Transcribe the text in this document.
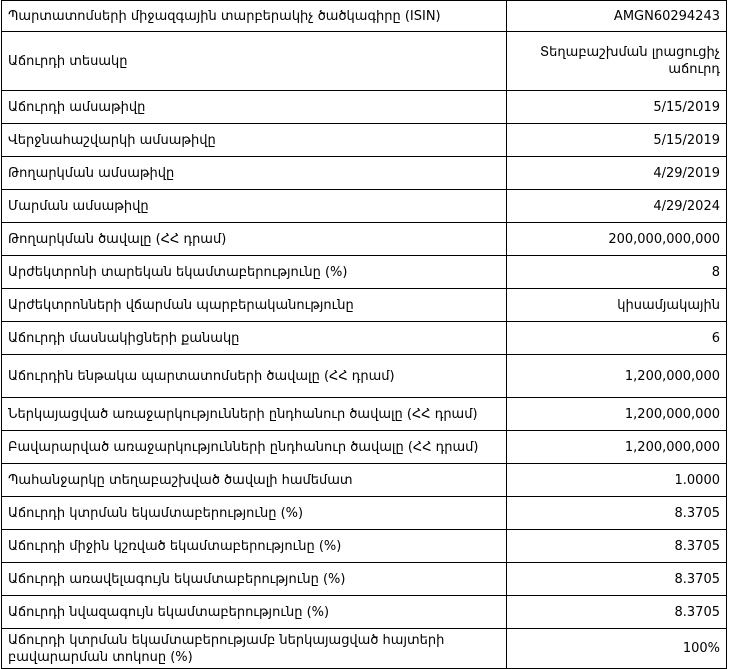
Պարտատոմսերի միջազգային տարբերակիչ ծածկագիրը (ISIN)	AMGN60294243
Աճուրդի տեսակը	Տեղաբաշխման լրացուցիչ աճուրդ
Աճուրդի ամսաթիվը	5/15/2019
Վերջնահաշվարկի ամսաթիվը	5/15/2019
Թողարկման ամսաթիվը	4/29/2019
Մարման ամսաթիվը	4/29/2024
Թողարկման ծավալը (ՀՀ դրամ)	200,000,000,000
Արժեկտրոնի տարեկան եկամտաբերությունը (%)	8
Արժեկտրոնների վճարման պարբերականությունը	կիսամյակային
Աճուրդի մասնակիցների քանակը	6
Աճուրդին ենթակա պարտատոմսերի ծավալը (ՀՀ դրամ)	1,200,000,000
Ներկայացված առաջարկությունների ընդհանուր ծավալը (ՀՀ դրամ)	1,200,000,000
Բավարարված առաջարկությունների ընդհանուր ծավալը (ՀՀ դրամ)	1,200,000,000
Պահանջարկը տեղաբաշխված ծավալի համեմատ	1.0000
Աճուրդի կտրման եկամտաբերությունը (%)	8.3705
Աճուրդի միջին կշռված եկամտաբերությունը (%)	8.3705
Աճուրդի առավելագույն եկամտաբերությունը (%)	8.3705
Աճուրդի նվազագույն եկամտաբերությունը (%)	8.3705
Աճուրդի կտրման եկամտաբերությամբ ներկայացված հայտերի բավարարման տոկոսը (%)	100%
